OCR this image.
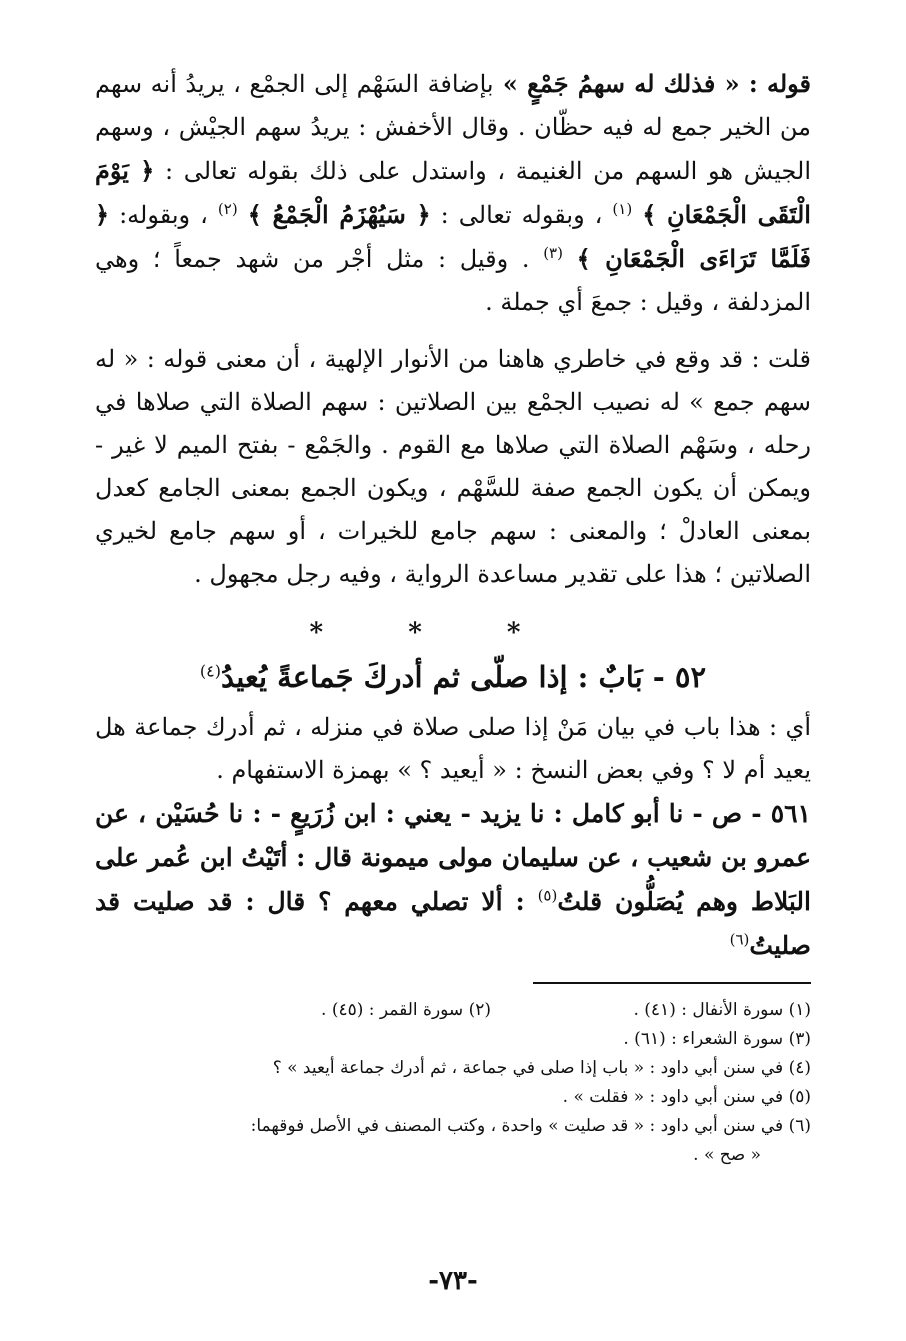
قوله : « فذلك له سهمُ جَمْعٍ » بإضافة السَهْم إلى الجمْع ، يريدُ أنه سهم من الخير جمع له فيه حظّان . وقال الأخفش : يريدُ سهم الجيْش ، وسهم الجيش هو السهم من الغنيمة ، واستدل على ذلك بقوله تعالى : ﴿ يَوْمَ الْتَقَى الْجَمْعَانِ ﴾ $^{(١)}$ ، وبقوله تعالى : ﴿ سَيُهْزَمُ الْجَمْعُ ﴾ $^{(٢)}$ ، وبقوله: ﴿ فَلَمَّا تَرَاءَى الْجَمْعَانِ ﴾ $^{(٣)}$ . وقيل : مثل أجْر من شهد جمعاً ؛ وهي المزدلفة ، وقيل : جمعَ أي جملة .

قلت : قد وقع في خاطري هاهنا من الأنوار الإلهية ، أن معنى قوله : « له سهم جمع » له نصيب الجمْع بين الصلاتين : سهم الصلاة التي صلاها في رحله ، وسَهْم الصلاة التي صلاها مع القوم . والجَمْع - بفتح الميم لا غير - ويمكن أن يكون الجمع صفة للسَّهْم ، ويكون الجمع بمعنى الجامع كعدل بمعنى العادلْ ؛ والمعنى : سهم جامع للخيرات ، أو سهم جامع لخيري الصلاتين ؛ هذا على تقدير مساعدة الرواية ، وفيه رجل مجهول .

* * *
٥٢ - بَابٌ : إذا صلّى ثم أدركَ جَماعةً يُعيدُ$^{(٤)}$

أي : هذا باب في بيان مَنْ إذا صلى صلاة في منزله ، ثم أدرك جماعة هل يعيد أم لا ؟ وفي بعض النسخ : « أيعيد ؟ » بهمزة الاستفهام .

٥٦١ - ص - نا أبو كامل : نا يزيد - يعني : ابن زُرَيعٍ - : نا حُسَيْن ، عن عمرو بن شعيب ، عن سليمان مولى ميمونة قال : أتَيْتُ ابن عُمر على البَلاط وهم يُصَلُّون قلتُ$^{(٥)}$ : ألا تصلي معهم ؟ قال : قد صليت قد صليتُ$^{(٦)}$

(١) سورة الأنفال : (٤١) .
(٢) سورة القمر : (٤٥) .

(٣) سورة الشعراء : (٦١) .

(٤) في سنن أبي داود : « باب إذا صلى في جماعة ، ثم أدرك جماعة أيعيد » ؟

(٥) في سنن أبي داود : « فقلت » .

(٦) في سنن أبي داود : « قد صليت » واحدة ، وكتب المصنف في الأصل فوقهما:

« صح » .

-٧٣-
